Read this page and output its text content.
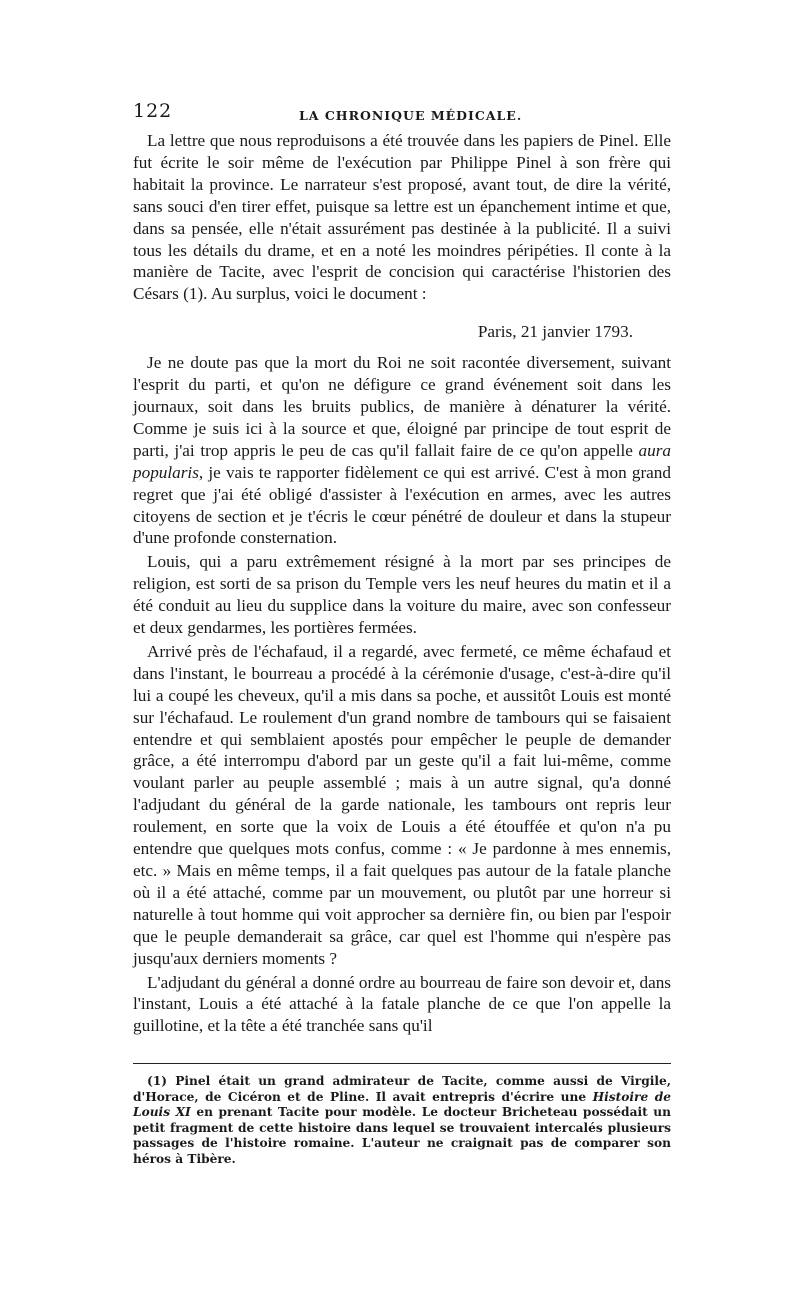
122	LA CHRONIQUE MÉDICALE.

La lettre que nous reproduisons a été trouvée dans les papiers de Pinel. Elle fut écrite le soir même de l'exécution par Philippe Pinel à son frère qui habitait la province. Le narrateur s'est proposé, avant tout, de dire la vérité, sans souci d'en tirer effet, puisque sa lettre est un épanchement intime et que, dans sa pensée, elle n'était assurément pas destinée à la publicité. Il a suivi tous les détails du drame, et en a noté les moindres péripéties. Il conte à la manière de Tacite, avec l'esprit de concision qui caractérise l'historien des Césars (1). Au surplus, voici le document :

Paris, 21 janvier 1793.

Je ne doute pas que la mort du Roi ne soit racontée diversement, suivant l'esprit du parti, et qu'on ne défigure ce grand événement soit dans les journaux, soit dans les bruits publics, de manière à dénaturer la vérité. Comme je suis ici à la source et que, éloigné par principe de tout esprit de parti, j'ai trop appris le peu de cas qu'il fallait faire de ce qu'on appelle aura popularis, je vais te rapporter fidèlement ce qui est arrivé. C'est à mon grand regret que j'ai été obligé d'assister à l'exécution en armes, avec les autres citoyens de section et je t'écris le cœur pénétré de douleur et dans la stupeur d'une profonde consternation.

Louis, qui a paru extrêmement résigné à la mort par ses principes de religion, est sorti de sa prison du Temple vers les neuf heures du matin et il a été conduit au lieu du supplice dans la voiture du maire, avec son confesseur et deux gendarmes, les portières fermées.

Arrivé près de l'échafaud, il a regardé, avec fermeté, ce même échafaud et dans l'instant, le bourreau a procédé à la cérémonie d'usage, c'est-à-dire qu'il lui a coupé les cheveux, qu'il a mis dans sa poche, et aussitôt Louis est monté sur l'échafaud. Le roulement d'un grand nombre de tambours qui se faisaient entendre et qui semblaient apostés pour empêcher le peuple de demander grâce, a été interrompu d'abord par un geste qu'il a fait lui-même, comme voulant parler au peuple assemblé ; mais à un autre signal, qu'a donné l'adjudant du général de la garde nationale, les tambours ont repris leur roulement, en sorte que la voix de Louis a été étouffée et qu'on n'a pu entendre que quelques mots confus, comme : « Je pardonne à mes ennemis, etc. » Mais en même temps, il a fait quelques pas autour de la fatale planche où il a été attaché, comme par un mouvement, ou plutôt par une horreur si naturelle à tout homme qui voit approcher sa dernière fin, ou bien par l'espoir que le peuple demanderait sa grâce, car quel est l'homme qui n'espère pas jusqu'aux derniers moments ?

L'adjudant du général a donné ordre au bourreau de faire son devoir et, dans l'instant, Louis a été attaché à la fatale planche de ce que l'on appelle la guillotine, et la tête a été tranchée sans qu'il

(1) Pinel était un grand admirateur de Tacite, comme aussi de Virgile, d'Horace, de Cicéron et de Pline. Il avait entrepris d'écrire une Histoire de Louis XI en prenant Tacite pour modèle. Le docteur Bricheteau possédait un petit fragment de cette histoire dans lequel se trouvaient intercalés plusieurs passages de l'histoire romaine. L'auteur ne craignait pas de comparer son héros à Tibère.
